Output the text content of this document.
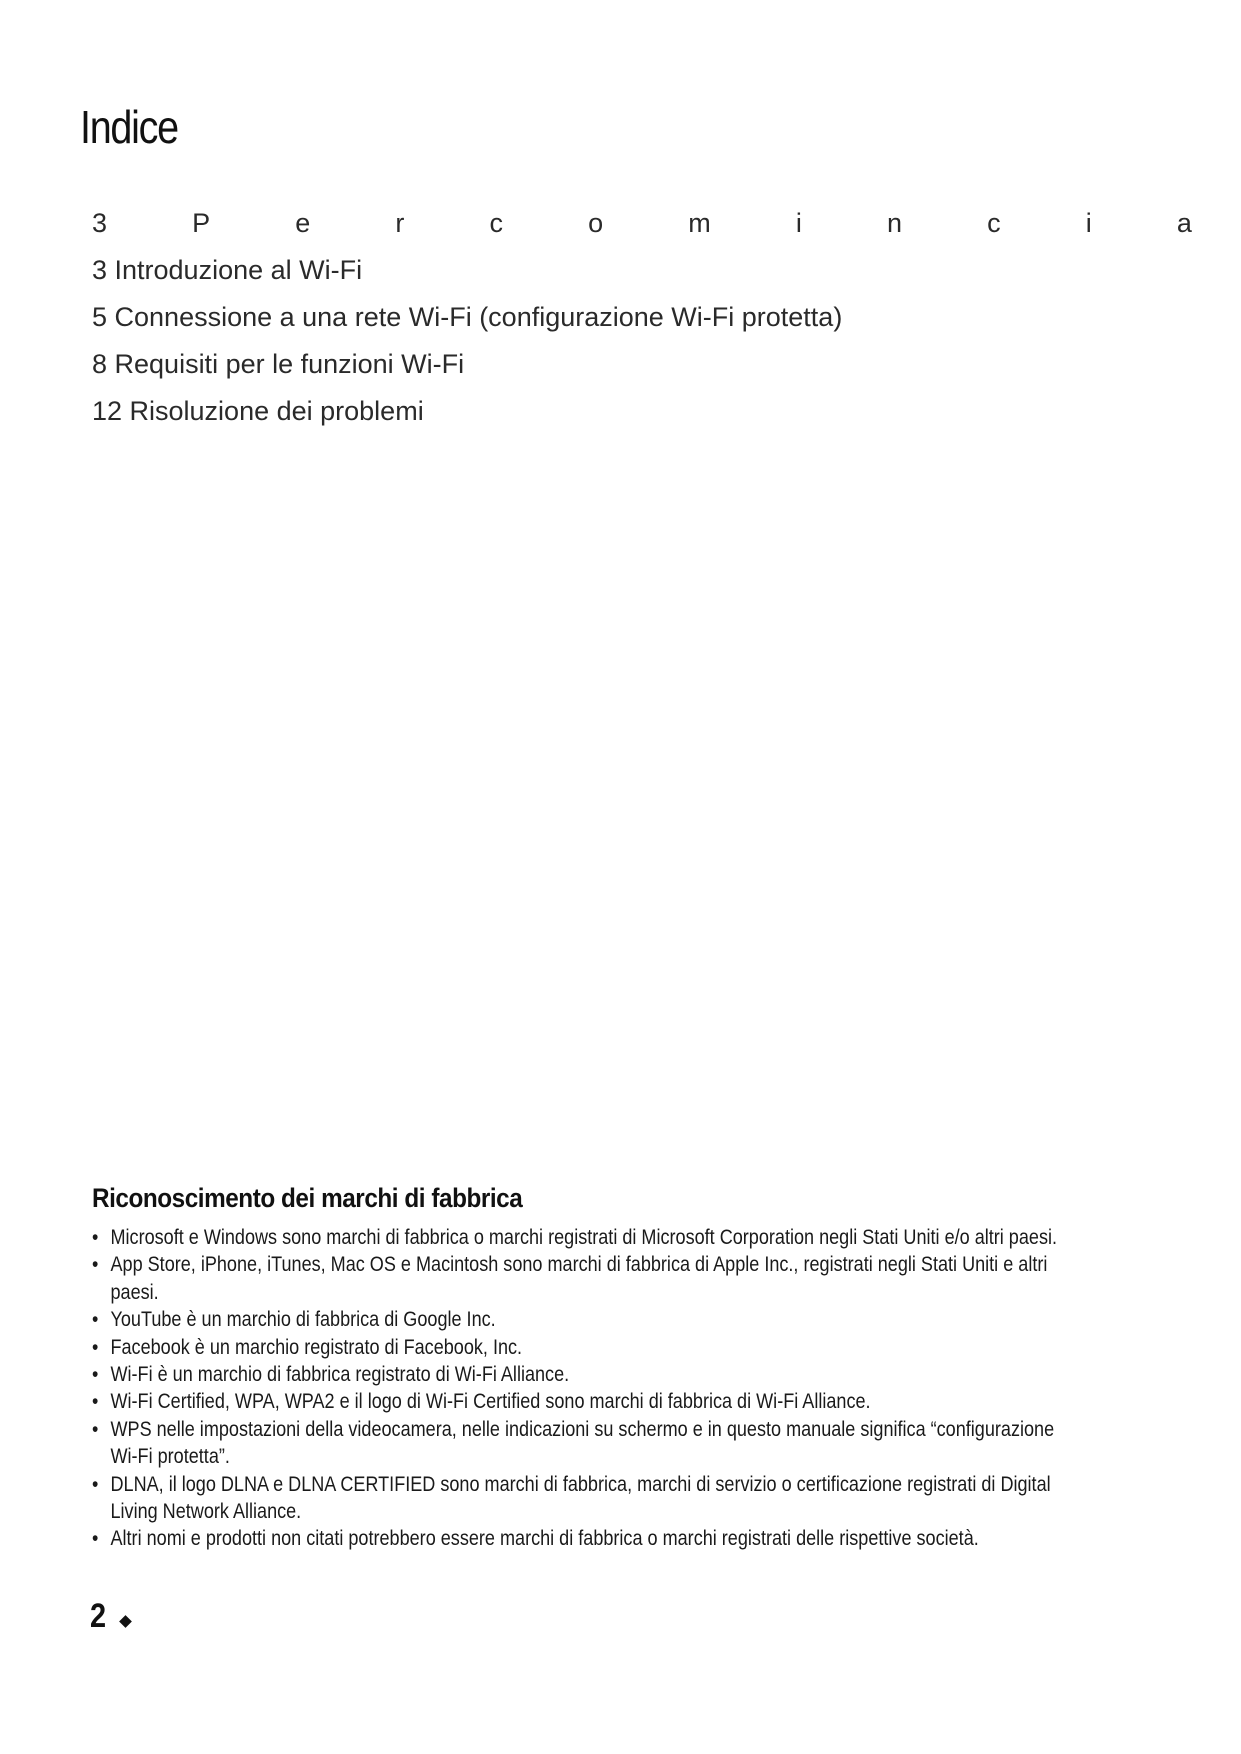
Indice
3	P	e	r	c	o	m	i	n	c	i	a
3 Introduzione al Wi-Fi
5 Connessione a una rete Wi-Fi (configurazione Wi-Fi protetta)
8 Requisiti per le funzioni Wi-Fi
12 Risoluzione dei problemi
Riconoscimento dei marchi di fabbrica
• Microsoft e Windows sono marchi di fabbrica o marchi registrati di Microsoft Corporation negli Stati Uniti e/o altri paesi.
• App Store, iPhone, iTunes, Mac OS e Macintosh sono marchi di fabbrica di Apple Inc., registrati negli Stati Uniti e altri paesi.
• YouTube è un marchio di fabbrica di Google Inc.
• Facebook è un marchio registrato di Facebook, Inc.
• Wi-Fi è un marchio di fabbrica registrato di Wi-Fi Alliance.
• Wi-Fi Certified, WPA, WPA2 e il logo di Wi-Fi Certified sono marchi di fabbrica di Wi-Fi Alliance.
• WPS nelle impostazioni della videocamera, nelle indicazioni su schermo e in questo manuale significa “configurazione Wi-Fi protetta”.
• DLNA, il logo DLNA e DLNA CERTIFIED sono marchi di fabbrica, marchi di servizio o certificazione registrati di Digital Living Network Alliance.
• Altri nomi e prodotti non citati potrebbero essere marchi di fabbrica o marchi registrati delle rispettive società.
2
